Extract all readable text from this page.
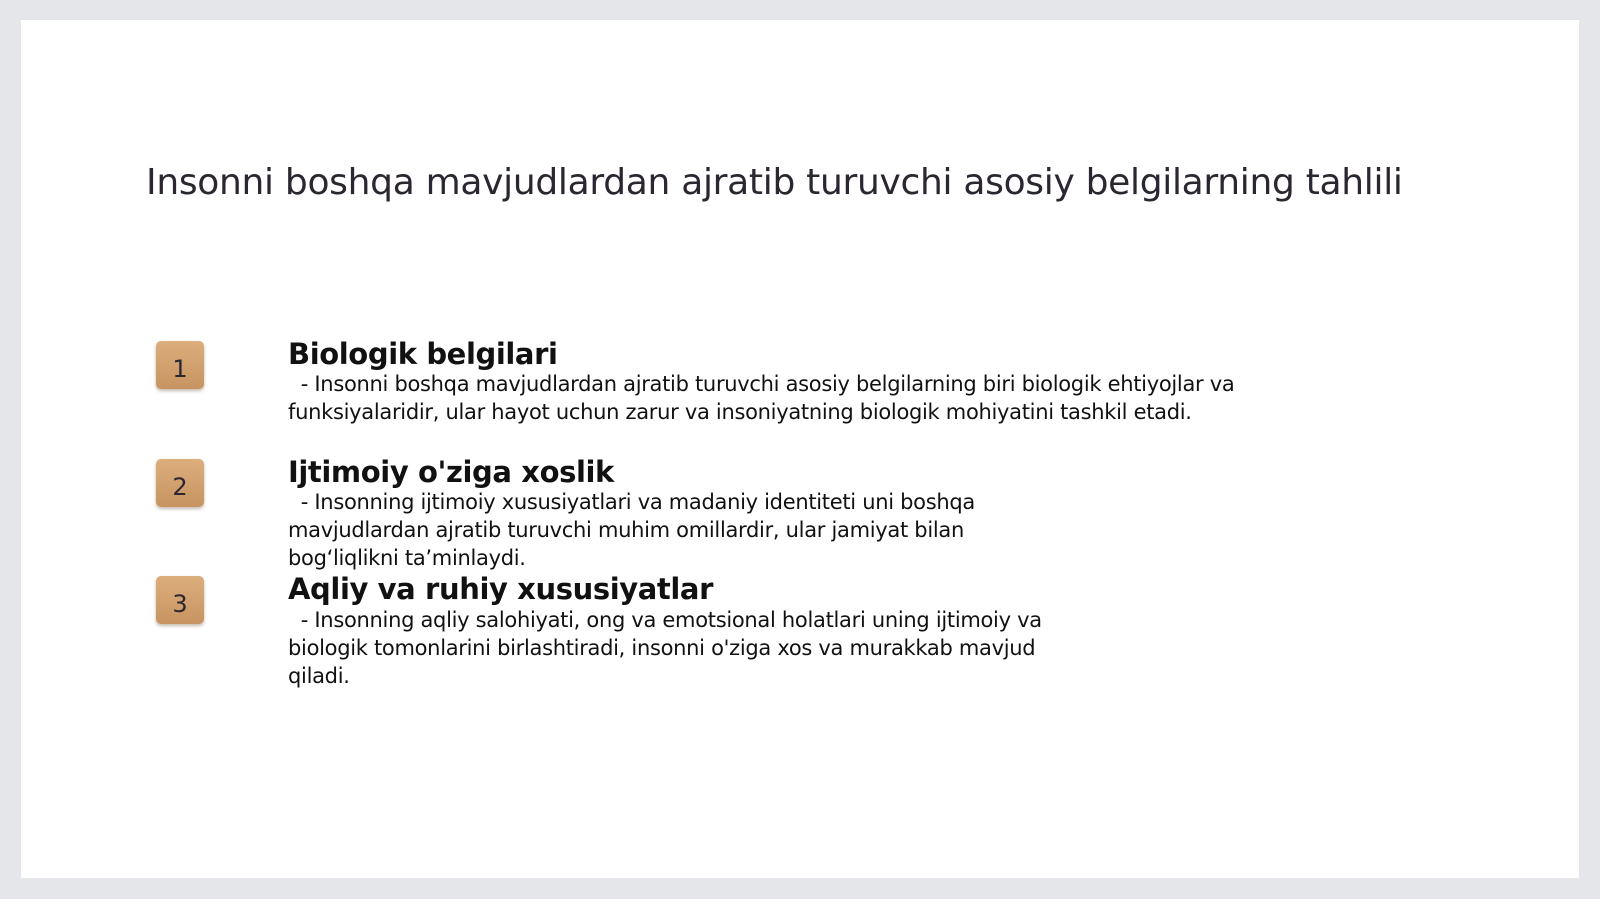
Insonni boshqa mavjudlardan ajratib turuvchi asosiy belgilarning tahlili
1	Biologik belgilari

- Insonni boshqa mavjudlardan ajratib turuvchi asosiy belgilarning biri biologik ehtiyojlar va funksiyalaridir, ular hayot uchun zarur va insoniyatning biologik mohiyatini tashkil etadi.

2	Ijtimoiy o'ziga xoslik

- Insonning ijtimoiy xususiyatlari va madaniy identiteti uni boshqa mavjudlardan ajratib turuvchi muhim omillardir, ular jamiyat bilan bog‘liqlikni ta’minlaydi.

3	Aqliy va ruhiy xususiyatlar

- Insonning aqliy salohiyati, ong va emotsional holatlari uning ijtimoiy va biologik tomonlarini birlashtiradi, insonni o'ziga xos va murakkab mavjud qiladi.
